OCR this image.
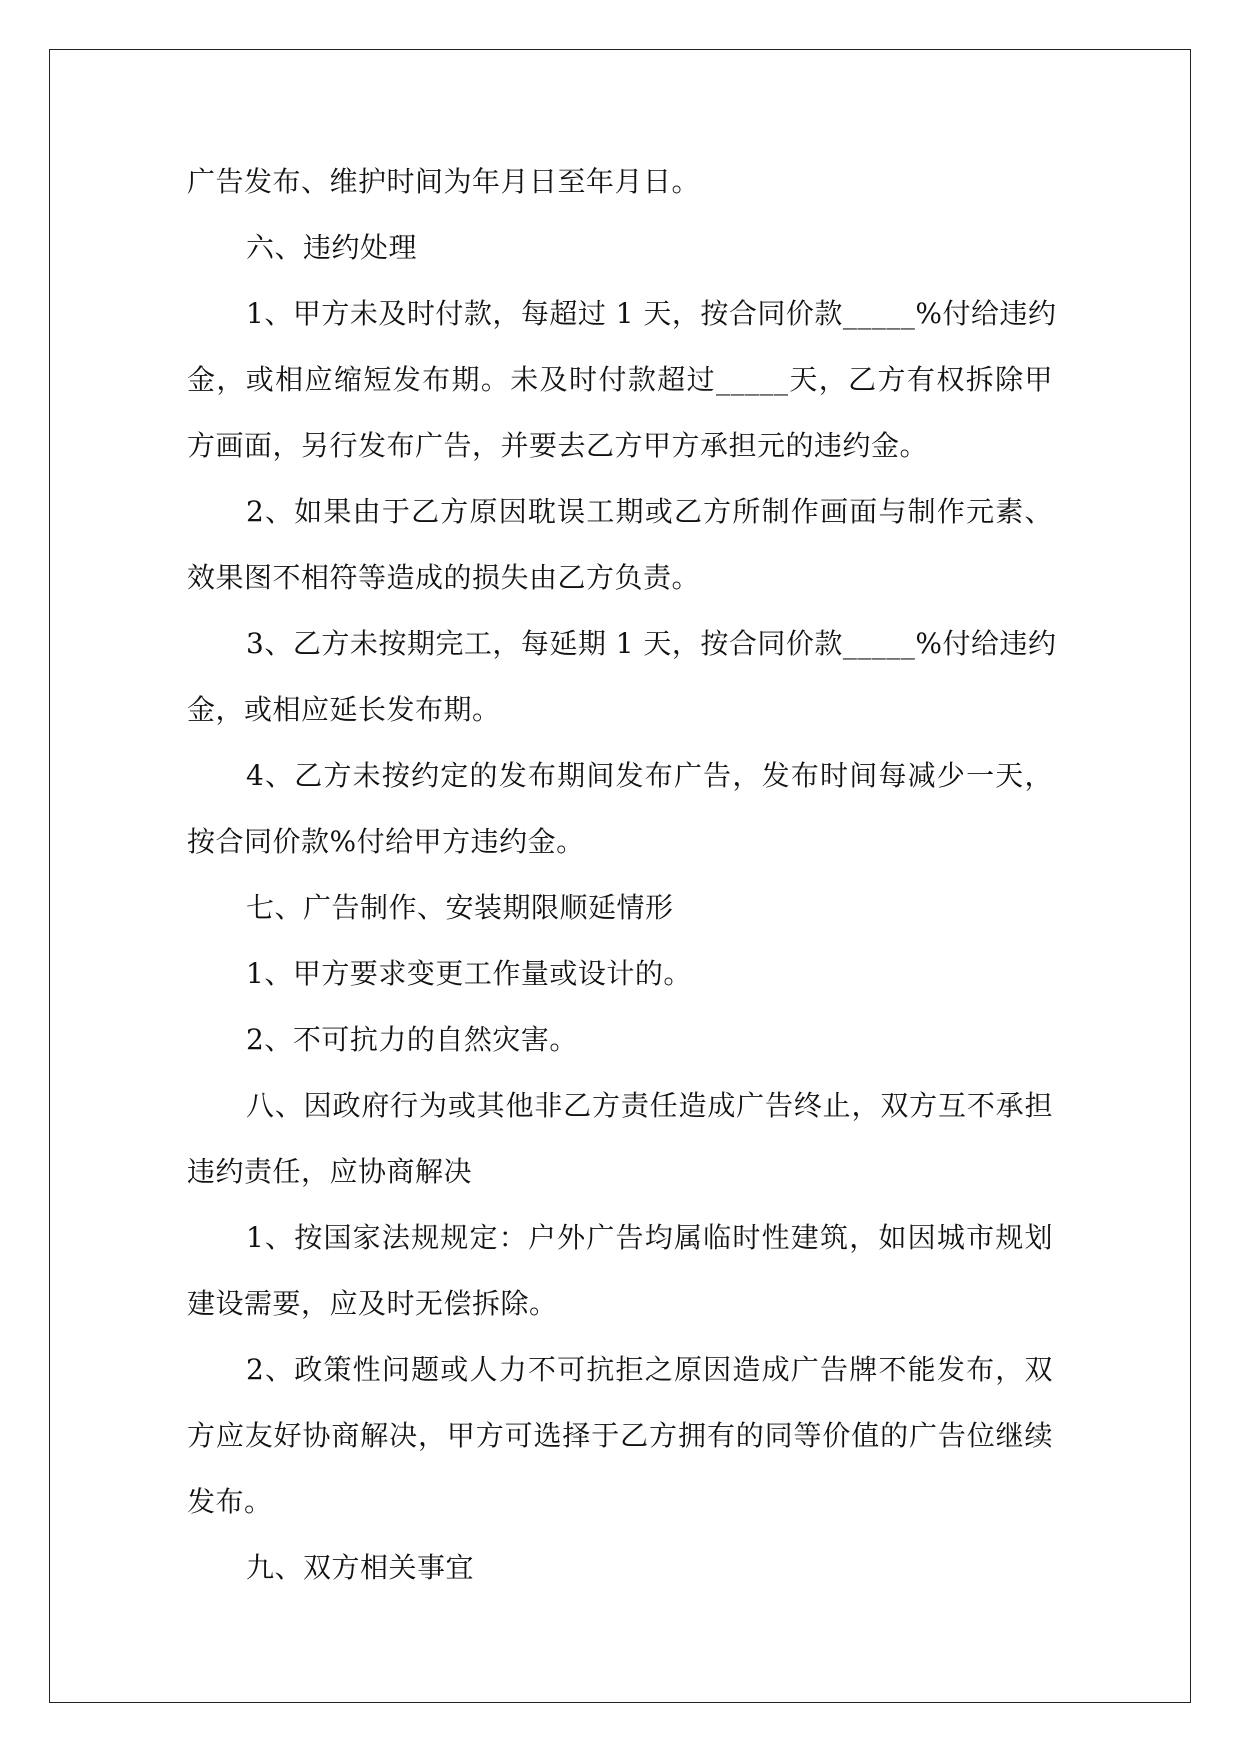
广告发布、维护时间为年月日至年月日。
六、违约处理
1、甲方未及时付款，每超过 1 天，按合同价款_____%付给违约
金，或相应缩短发布期。未及时付款超过_____天，乙方有权拆除甲
方画面，另行发布广告，并要去乙方甲方承担元的违约金。
2、如果由于乙方原因耽误工期或乙方所制作画面与制作元素、
效果图不相符等造成的损失由乙方负责。
3、乙方未按期完工，每延期 1 天，按合同价款_____%付给违约
金，或相应延长发布期。
4、乙方未按约定的发布期间发布广告，发布时间每减少一天，
按合同价款%付给甲方违约金。
七、广告制作、安装期限顺延情形
1、甲方要求变更工作量或设计的。
2、不可抗力的自然灾害。
八、因政府行为或其他非乙方责任造成广告终止，双方互不承担
违约责任，应协商解决
1、按国家法规规定：户外广告均属临时性建筑，如因城市规划
建设需要，应及时无偿拆除。
2、政策性问题或人力不可抗拒之原因造成广告牌不能发布，双
方应友好协商解决，甲方可选择于乙方拥有的同等价值的广告位继续
发布。
九、双方相关事宜
